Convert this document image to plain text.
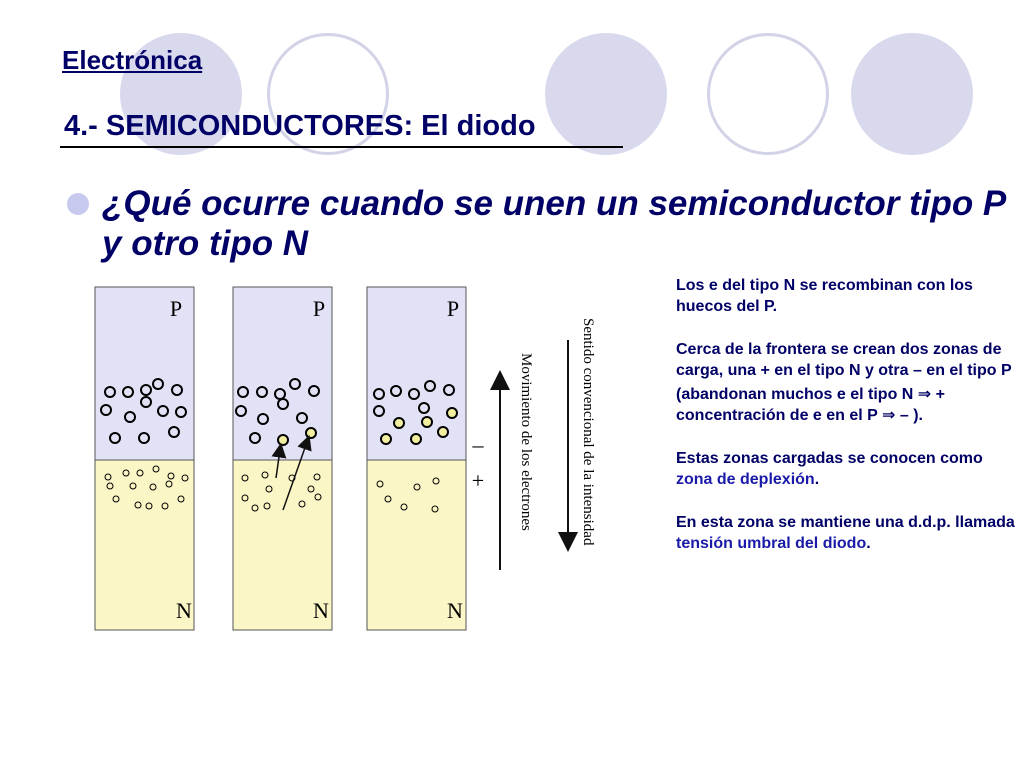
Electrónica
4.- SEMICONDUCTORES: El diodo
¿Qué ocurre cuando se unen un semiconductor tipo P y otro tipo N
P
N
P
N
P
N
–
+ Movimiento de los electrones	Sentido convencional de la intensidad

Los e del tipo N se recombinan con los huecos del P.

Cerca de la frontera se crean dos zonas de carga, una + en el tipo N y otra – en el tipo P

(abandonan muchos e el tipo N ⇒ + concentración de e en el P ⇒ – ).

Estas zonas cargadas se conocen como zona de deplexión.

En esta zona se mantiene una d.d.p. llamada tensión umbral del diodo.
